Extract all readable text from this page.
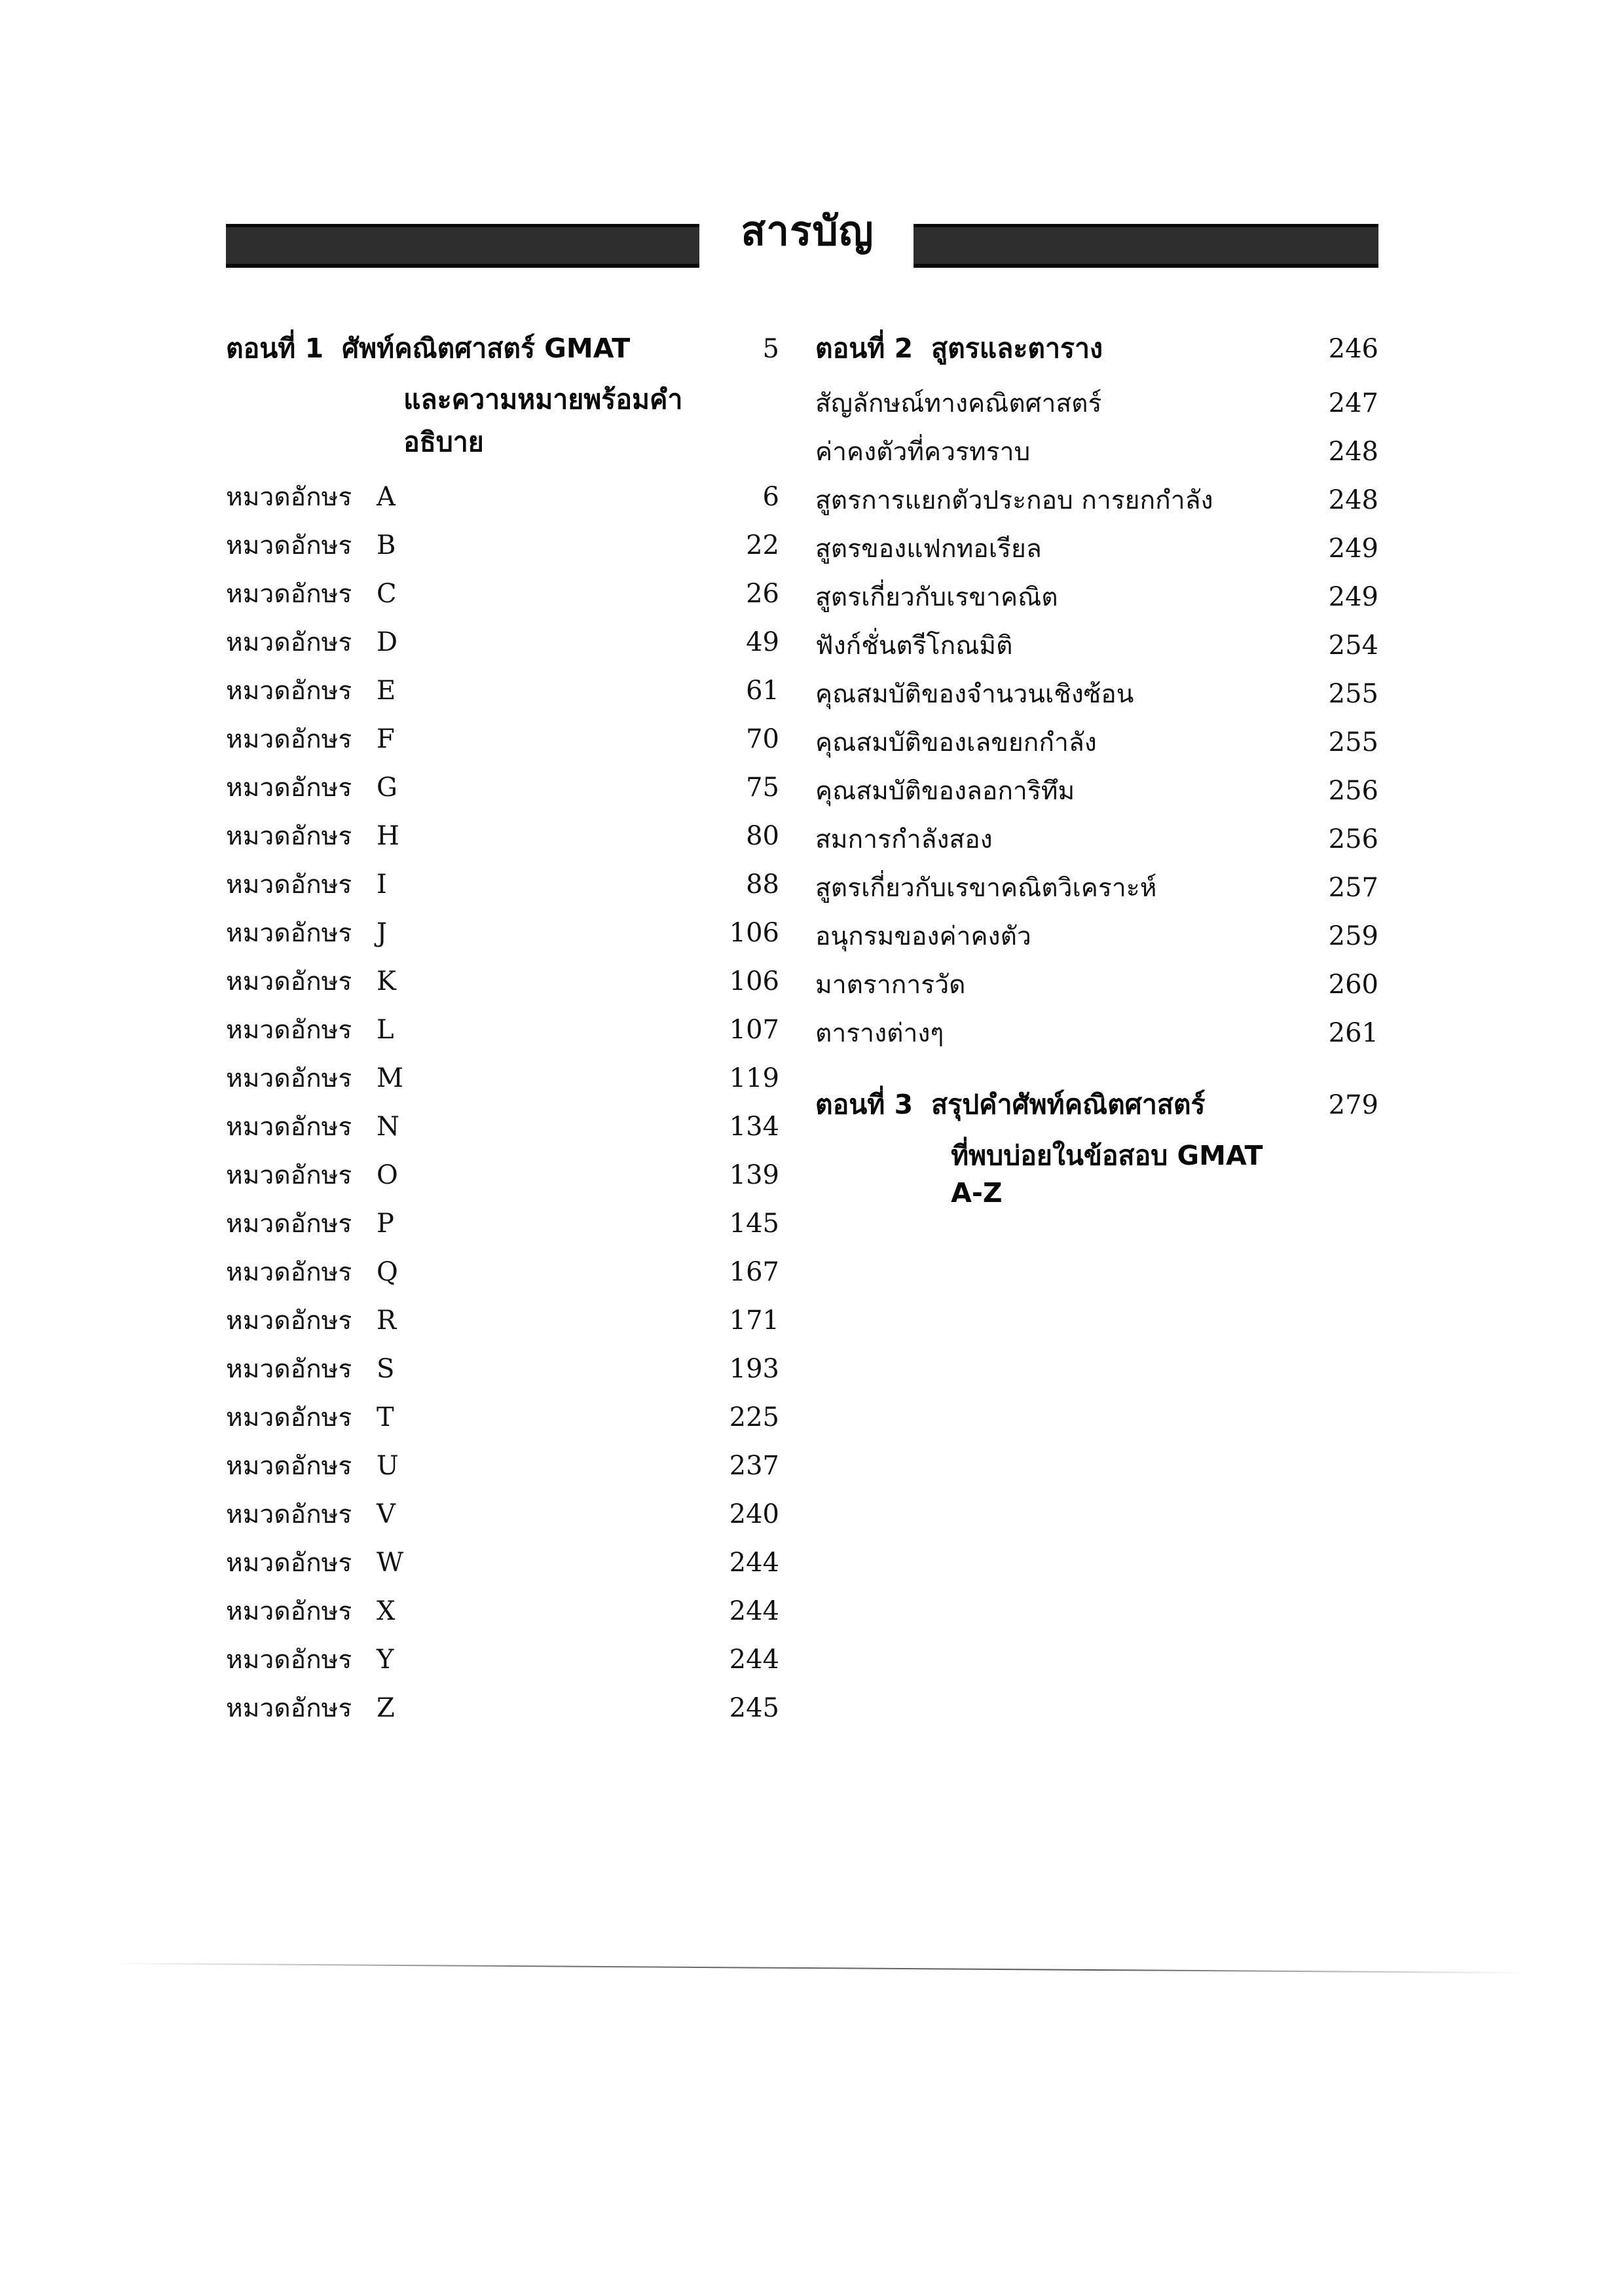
สารบัญ
ตอนที่ 1 ศัพท์คณิตศาสตร์ GMAT
และความหมายพร้อมคำอธิบาย
5
หมวดอักษร A	6
หมวดอักษร B	22
หมวดอักษร C	26
หมวดอักษร D	49
หมวดอักษร E	61
หมวดอักษร F	70
หมวดอักษร G	75
หมวดอักษร H	80
หมวดอักษร I	88
หมวดอักษร J	106
หมวดอักษร K	106
หมวดอักษร L	107
หมวดอักษร M	119
หมวดอักษร N	134
หมวดอักษร O	139
หมวดอักษร P	145
หมวดอักษร Q	167
หมวดอักษร R	171
หมวดอักษร S	193
หมวดอักษร T	225
หมวดอักษร U	237
หมวดอักษร V	240
หมวดอักษร W	244
หมวดอักษร X	244
หมวดอักษร Y	244
หมวดอักษร Z	245
ตอนที่ 2 สูตรและตาราง	246
สัญลักษณ์ทางคณิตศาสตร์	247
ค่าคงตัวที่ควรทราบ	248
สูตรการแยกตัวประกอบ การยกกำลัง	248
สูตรของแฟกทอเรียล	249
สูตรเกี่ยวกับเรขาคณิต	249
ฟังก์ชั่นตรีโกณมิติ	254
คุณสมบัติของจำนวนเชิงซ้อน	255
คุณสมบัติของเลขยกกำลัง	255
คุณสมบัติของลอการิทึม	256
สมการกำลังสอง	256
สูตรเกี่ยวกับเรขาคณิตวิเคราะห์	257
อนุกรมของค่าคงตัว	259
มาตราการวัด	260
ตารางต่างๆ	261
ตอนที่ 3 สรุปคำศัพท์คณิตศาสตร์
ที่พบบ่อยในข้อสอบ GMAT A-Z
279
